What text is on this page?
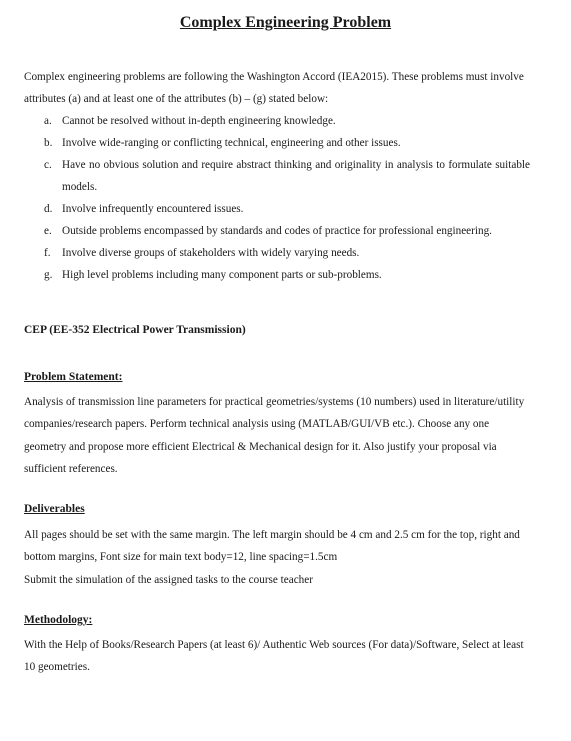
Complex Engineering Problem

Complex engineering problems are following the Washington Accord (IEA2015). These problems must involve attributes (a) and at least one of the attributes (b) – (g) stated below:

a. Cannot be resolved without in-depth engineering knowledge.
b. Involve wide-ranging or conflicting technical, engineering and other issues.
c. Have no obvious solution and require abstract thinking and originality in analysis to formulate suitable models.
d. Involve infrequently encountered issues.
e. Outside problems encompassed by standards and codes of practice for professional engineering.
f. Involve diverse groups of stakeholders with widely varying needs.
g. High level problems including many component parts or sub-problems.

CEP (EE-352 Electrical Power Transmission)

Problem Statement:

Analysis of transmission line parameters for practical geometries/systems (10 numbers) used in literature/utility companies/research papers. Perform technical analysis using (MATLAB/GUI/VB etc.). Choose any one geometry and propose more efficient Electrical & Mechanical design for it. Also justify your proposal via sufficient references.

Deliverables

All pages should be set with the same margin. The left margin should be 4 cm and 2.5 cm for the top, right and bottom margins, Font size for main text body=12, line spacing=1.5cm
Submit the simulation of the assigned tasks to the course teacher

Methodology:

With the Help of Books/Research Papers (at least 6)/ Authentic Web sources (For data)/Software, Select at least 10 geometries.
